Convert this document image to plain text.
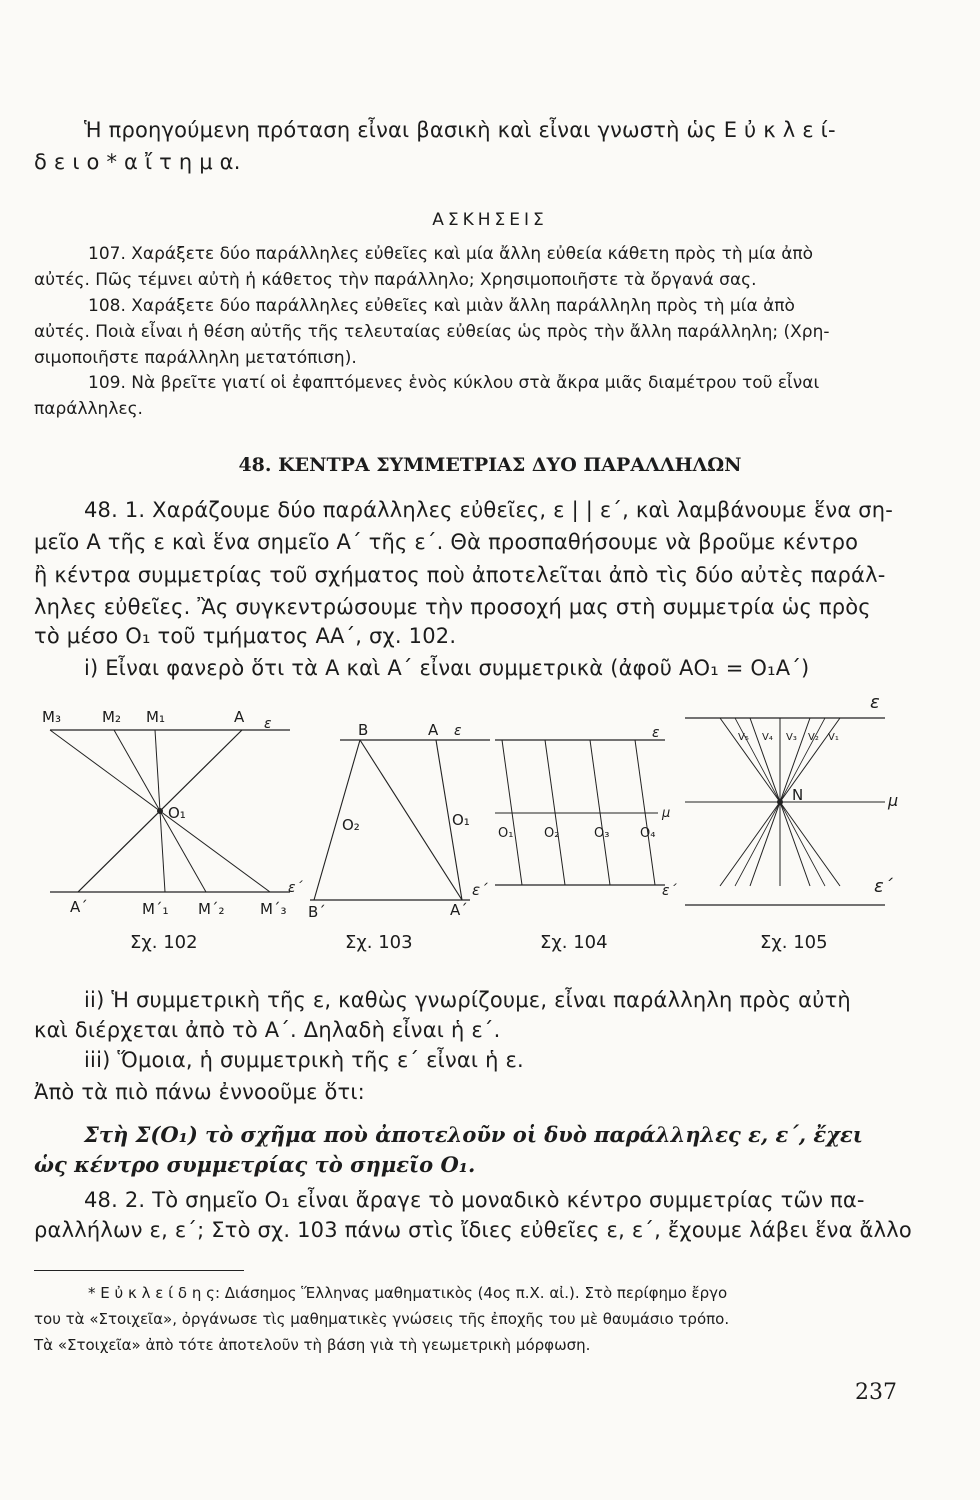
Ἡ προηγούμενη πρόταση εἶναι βασικὴ καὶ εἶναι γνωστὴ ὡς Ε ὐ κ λ ε ί-
δ ε ι ο * α ἴ τ η μ α.
ΑΣΚΗΣΕΙΣ
107. Χαράξετε δύο παράλληλες εὐθεῖες καὶ μία ἄλλη εὐθεία κάθετη πρὸς τὴ μία ἀπὸ
αὐτές. Πῶς τέμνει αὐτὴ ἡ κάθετος τὴν παράλληλο; Χρησιμοποιῆστε τὰ ὄργανά σας.
108. Χαράξετε δύο παράλληλες εὐθεῖες καὶ μιὰν ἄλλη παράλληλη πρὸς τὴ μία ἀπὸ
αὐτές. Ποιὰ εἶναι ἡ θέση αὐτῆς τῆς τελευταίας εὐθείας ὡς πρὸς τὴν ἄλλη παράλληλη; (Χρη-
σιμοποιῆστε παράλληλη μετατόπιση).
109. Νὰ βρεῖτε γιατί οἱ ἐφαπτόμενες ἑνὸς κύκλου στὰ ἄκρα μιᾶς διαμέτρου τοῦ εἶναι
παράλληλες.
48. ΚΕΝΤΡΑ ΣΥΜΜΕΤΡΙΑΣ ΔΥΟ ΠΑΡΑΛΛΗΛΩΝ
48. 1. Χαράζουμε δύο παράλληλες εὐθεῖες, ε | | ε΄, καὶ λαμβάνουμε ἕνα ση-
μεῖο Α τῆς ε καὶ ἕνα σημεῖο Α΄ τῆς ε΄. Θὰ προσπαθήσουμε νὰ βροῦμε κέντρο
ἢ κέντρα συμμετρίας τοῦ σχήματος ποὺ ἀποτελεῖται ἀπὸ τὶς δύο αὐτὲς παράλ-
ληλες εὐθεῖες. Ἂς συγκεντρώσουμε τὴν προσοχή μας στὴ συμμετρία ὡς πρὸς
τὸ μέσο Ο₁ τοῦ τμήματος ΑΑ΄, σχ. 102.
i) Εἶναι φανερὸ ὅτι τὰ Α καὶ Α΄ εἶναι συμμετρικὰ (ἀφοῦ ΑΟ₁ = Ο₁Α΄)
Μ₃	Μ₂ Μ₁	Α ε
Ο₁
Α΄	Μ΄₁ Μ΄₂ Μ΄₃
ε΄
Σχ. 102
Β	Α ε
Ο₂	Ο₁
ε΄
Β΄	Α΄
Σχ. 103
ε
μ
ε΄
Ο₁ Ο₂	Ο₃ Ο₄
Σχ. 104
ε
V₅ V₄ V₃ V₂ V₁
Ν	μ
ε΄
Σχ. 105
ii) Ἡ συμμετρικὴ τῆς ε, καθὼς γνωρίζουμε, εἶναι παράλληλη πρὸς αὐτὴ
καὶ διέρχεται ἀπὸ τὸ Α΄. Δηλαδὴ εἶναι ἡ ε΄.
iii) Ὅμοια, ἡ συμμετρικὴ τῆς ε΄ εἶναι ἡ ε.
Ἀπὸ τὰ πιὸ πάνω ἐννοοῦμε ὅτι:
Στὴ Σ(Ο₁) τὸ σχῆμα ποὺ ἀποτελοῦν οἱ δυὸ παράλληλες ε, ε΄, ἔχει
ὡς κέντρο συμμετρίας τὸ σημεῖο Ο₁.
48. 2. Τὸ σημεῖο Ο₁ εἶναι ἄραγε τὸ μοναδικὸ κέντρο συμμετρίας τῶν πα-
ραλλήλων ε, ε΄; Στὸ σχ. 103 πάνω στὶς ἴδιες εὐθεῖες ε, ε΄, ἔχουμε λάβει ἕνα ἄλλο
* Ε ὐ κ λ ε ί δ η ς: Διάσημος Ἕλληνας μαθηματικὸς (4ος π.Χ. αἰ.). Στὸ περίφημο ἔργο
του τὰ «Στοιχεῖα», ὀργάνωσε τὶς μαθηματικὲς γνώσεις τῆς ἐποχῆς του μὲ θαυμάσιο τρόπο.
Τὰ «Στοιχεῖα» ἀπὸ τότε ἀποτελοῦν τὴ βάση γιὰ τὴ γεωμετρικὴ μόρφωση.
237
